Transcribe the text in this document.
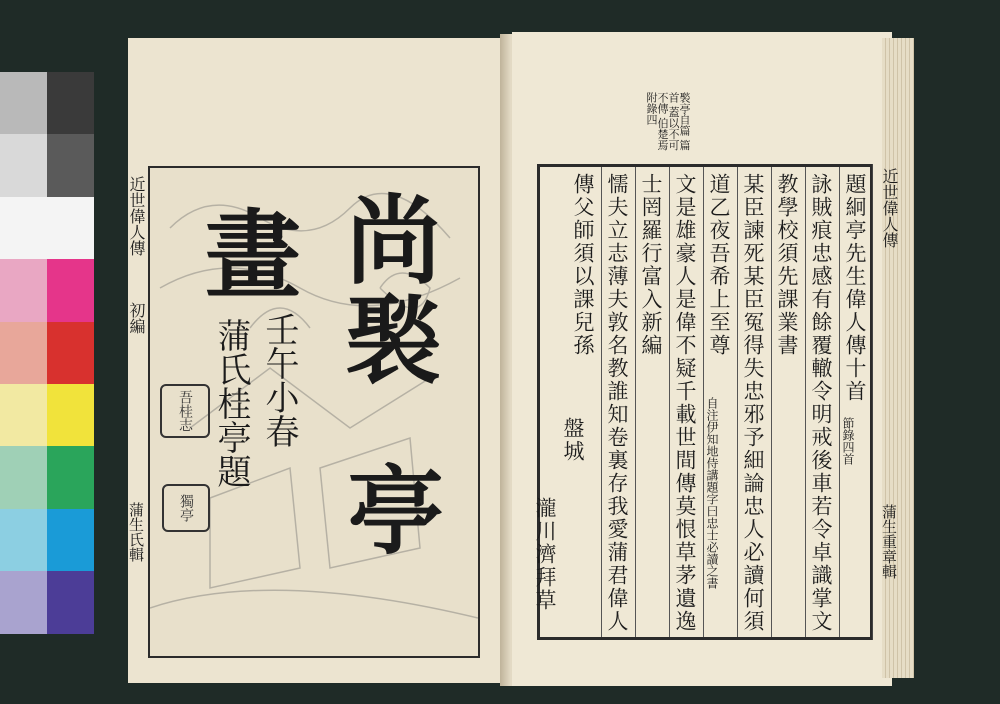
近世偉人傳
初編
蒲生氏輯
尚褧
亭
畫
壬午小春
蒲氏桂亭題
吾桂志
獨亭
褧亭自篇 篇首 蓋以不可不傳 伯楚焉 附錄四
題絅亭先生偉人傳十首
節錄四首
詠賊痕忠感有餘覆轍令明戒後車若令卓識掌文
教學校須先課業書
某臣諫死某臣冤得失忠邪予細論忠人必讀何須
道乙夜吾希上至尊
自注伊知地侍講題字曰忠士必讀之書
文是雄豪人是偉不疑千載世間傳莫恨草茅遺逸
士罔羅行富入新編
懦夫立志薄夫敦名教誰知卷裏存我愛蒲君偉人
傳父師須以課兒孫
盤城
瀧川濟拜草
近世偉人傳
蒲生重章輯
